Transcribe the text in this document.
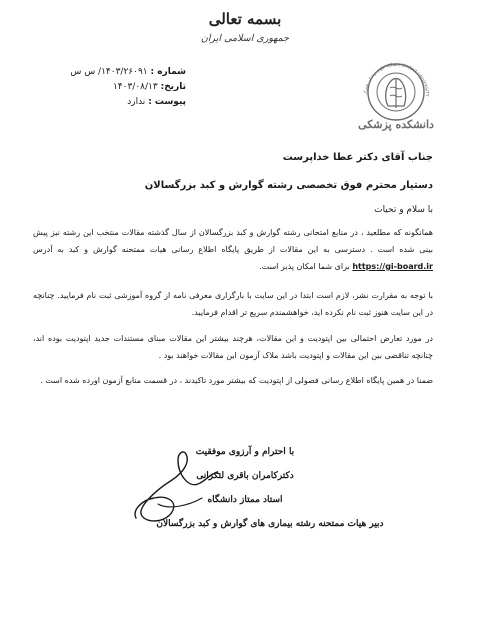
بسمه تعالی
جمهوری اسلامی ایران
دانشگاه علوم پزشکی شیراز SHIRAZ UNIVERSITY
دانشکده پزشکی
شماره : ۱۴۰۳/۲۶۰۹۱/ س س
تاریخ: ۱۴۰۳/۰۸/۱۳
پیوست : ندارد
جناب آقای دکتر عطا خداپرست
دستیار محترم فوق تخصصی رشته گوارش و کبد بزرگسالان
با سلام و تحیات
همانگونه که مطلعید ، در منابع امتحانی رشته گوارش و کبد بزرگسالان از سال گذشته مقالات منتخب این رشته نیز پیش بینی شده است . دسترسی به این مقالات از طریق پایگاه اطلاع رسانی هیات ممتحنه گوارش و کبد به آدرس https://gi-board.ir برای شما امکان پذیر است.
با توجه به مقرارت نشر، لازم است ابتدا در این سایت با بارگزاری معرفی نامه از گروه آموزشی ثبت نام فرمایید. چنانچه در این سایت هنوز ثبت نام نکرده اید، خواهشمندم سریع تر اقدام فرمایید.
در مورد تعارض احتمالی بین اپتودیت و این مقالات، هرچند بیشتر این مقالات مبنای مستندات جدید اپتودیت بوده اند، چنانچه تناقضی بین این مقالات و اپتودیت باشد ملاک آزمون این مقالات خواهند بود .
ضمنا در همین پایگاه اطلاع رسانی فصولی از اپتودیت که بیشتر مورد تاکیدند ، در قسمت منابع آزمون اورده شده است .
با احترام و آرزوی موفقیت
دکترکامران باقری لنکرانی
استاد ممتاز دانشگاه
دبیر هیات ممتحنه رشته بیماری های گوارش و کبد بزرگسالان
